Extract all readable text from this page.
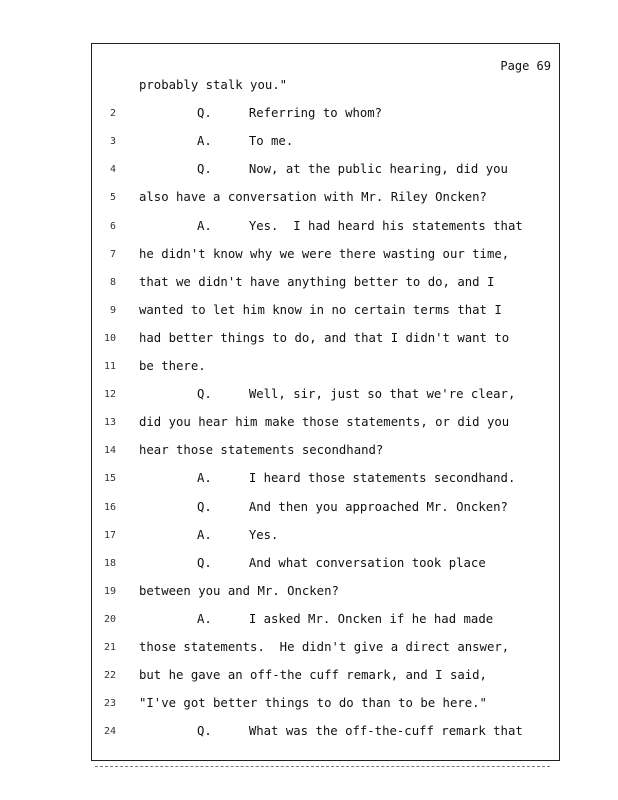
Page 69
probably stalk you."
2	Q.     Referring to whom?
3	A.     To me.
4	Q.     Now, at the public hearing, did you
5 also have a conversation with Mr. Riley Oncken?
6	A.     Yes.  I had heard his statements that
7 he didn't know why we were there wasting our time,
8 that we didn't have anything better to do, and I
9 wanted to let him know in no certain terms that I
10 had better things to do, and that I didn't want to
11 be there.
12	Q.     Well, sir, just so that we're clear,
13 did you hear him make those statements, or did you
14 hear those statements secondhand?
15	A.     I heard those statements secondhand.
16	Q.     And then you approached Mr. Oncken?
17	A.     Yes.
18	Q.     And what conversation took place
19 between you and Mr. Oncken?
20	A.     I asked Mr. Oncken if he had made
21 those statements.  He didn't give a direct answer,
22 but he gave an off-the cuff remark, and I said,
23 "I've got better things to do than to be here."
24	Q.     What was the off-the-cuff remark that
